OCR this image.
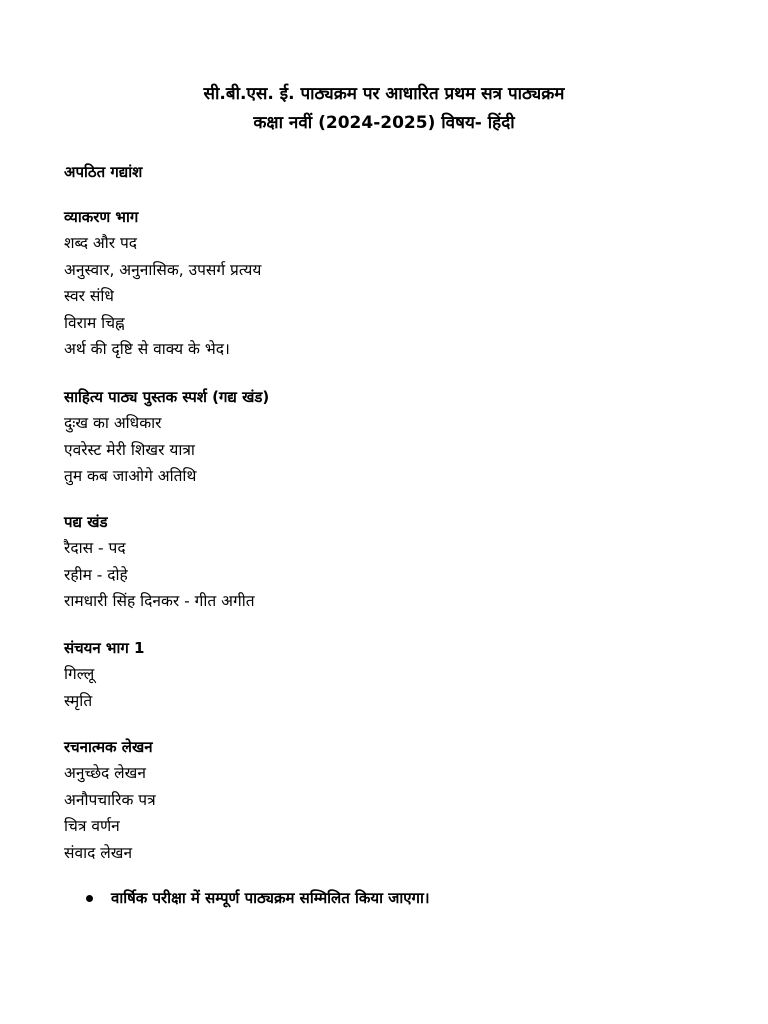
सी.बी.एस. ई. पाठ्यक्रम पर आधारित प्रथम सत्र पाठ्यक्रम
कक्षा नवीं (2024-2025) विषय- हिंदी
अपठित गद्यांश
व्याकरण भाग
शब्द और पद
अनुस्वार, अनुनासिक, उपसर्ग प्रत्यय
स्वर संधि
विराम चिह्न
अर्थ की दृष्टि से वाक्य के भेद।
साहित्य पाठ्य पुस्तक स्पर्श (गद्य खंड)
दुःख का अधिकार
एवरेस्ट मेरी शिखर यात्रा
तुम कब जाओगे अतिथि
पद्य खंड
रैदास - पद
रहीम - दोहे
रामधारी सिंह दिनकर - गीत अगीत
संचयन भाग 1
गिल्लू
स्मृति
रचनात्मक लेखन
अनुच्छेद लेखन
अनौपचारिक पत्र
चित्र वर्णन
संवाद लेखन
वार्षिक परीक्षा में सम्पूर्ण पाठ्यक्रम सम्मिलित किया जाएगा।
